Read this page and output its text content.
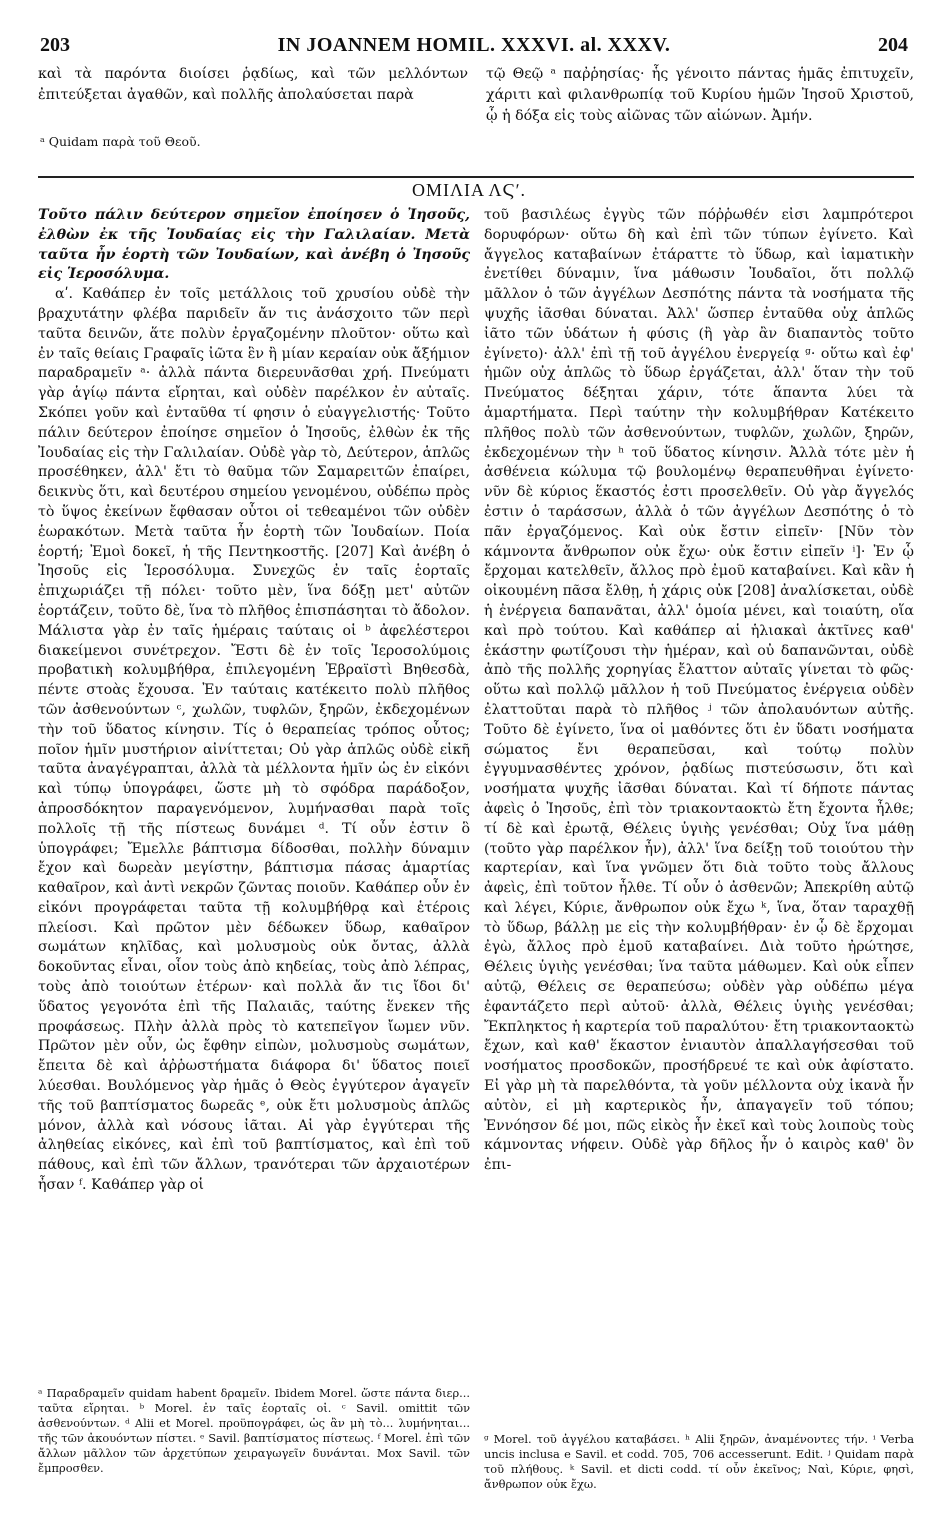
203	IN JOANNEM HOMIL. XXXVI. al. XXXV.	204
καὶ τὰ παρόντα διοίσει ῥᾳδίως, καὶ τῶν μελλόντων ἐπιτεύξεται ἀγαθῶν, καὶ πολλῆς ἀπολαύσεται παρὰ
τῷ Θεῷ ᵃ παῤῥησίας· ἧς γένοιτο πάντας ἡμᾶς ἐπιτυχεῖν, χάριτι καὶ φιλανθρωπίᾳ τοῦ Κυρίου ἡμῶν Ἰησοῦ Χριστοῦ, ᾧ ἡ δόξα εἰς τοὺς αἰῶνας τῶν αἰώνων. Ἀμήν.
ᵃ Quidam παρὰ τοῦ Θεοῦ.
ΟΜΙΛΙΑ ΛϚʹ.

Τοῦτο πάλιν δεύτερον σημεῖον ἐποίησεν ὁ Ἰησοῦς, ἐλθὼν ἐκ τῆς Ἰουδαίας εἰς τὴν Γαλιλαίαν. Μετὰ ταῦτα ἦν ἑορτὴ τῶν Ἰουδαίων, καὶ ἀνέβη ὁ Ἰησοῦς εἰς Ἱεροσόλυμα.

αʹ. Καθάπερ ἐν τοῖς μετάλλοις τοῦ χρυσίου οὐδὲ τὴν βραχυτάτην φλέβα παριδεῖν ἄν τις ἀνάσχοιτο τῶν περὶ ταῦτα δεινῶν, ἅτε πολὺν ἐργαζομένην πλοῦτον· οὕτω καὶ ἐν ταῖς θείαις Γραφαῖς ἰῶτα ἓν ἢ μίαν κεραίαν οὐκ ἄξήμιον παραδραμεῖν ᵃ· ἀλλὰ πάντα διερευνᾶσθαι χρή. Πνεύματι γὰρ ἁγίῳ πάντα εἴρηται, καὶ οὐδὲν παρέλκον ἐν αὐταῖς. Σκόπει γοῦν καὶ ἐνταῦθα τί φησιν ὁ εὐαγγελιστής· Τοῦτο πάλιν δεύτερον ἐποίησε σημεῖον ὁ Ἰησοῦς, ἐλθὼν ἐκ τῆς Ἰουδαίας εἰς τὴν Γαλιλαίαν. Οὐδὲ γὰρ τὸ, Δεύτερον, ἁπλῶς προσέθηκεν, ἀλλ' ἔτι τὸ θαῦμα τῶν Σαμαρειτῶν ἐπαίρει, δεικνὺς ὅτι, καὶ δευτέρου σημείου γενομένου, οὐδέπω πρὸς τὸ ὕψος ἐκείνων ἔφθασαν οὗτοι οἱ τεθεαμένοι τῶν οὐδὲν ἑωρακότων. Μετὰ ταῦτα ἦν ἑορτὴ τῶν Ἰουδαίων. Ποία ἑορτή; Ἐμοὶ δοκεῖ, ἡ τῆς Πεντηκοστῆς. [207] Καὶ ἀνέβη ὁ Ἰησοῦς εἰς Ἱεροσόλυμα. Συνεχῶς ἐν ταῖς ἑορταῖς ἐπιχωριάζει τῇ πόλει· τοῦτο μὲν, ἵνα δόξῃ μετ' αὐτῶν ἑορτάζειν, τοῦτο δὲ, ἵνα τὸ πλῆθος ἐπισπάσηται τὸ ἄδολον. Μάλιστα γὰρ ἐν ταῖς ἡμέραις ταύταις οἱ ᵇ ἀφελέστεροι διακείμενοι συνέτρεχον. Ἔστι δὲ ἐν τοῖς Ἱεροσολύμοις προβατικὴ κολυμβήθρα, ἐπιλεγομένη Ἑβραϊστὶ Βηθεσδὰ, πέντε στοὰς ἔχουσα. Ἐν ταύταις κατέκειτο πολὺ πλῆθος τῶν ἀσθενούντων ᶜ, χωλῶν, τυφλῶν, ξηρῶν, ἐκδεχομένων τὴν τοῦ ὕδατος κίνησιν. Τίς ὁ θεραπείας τρόπος οὗτος; ποῖον ἡμῖν μυστήριον αἰνίττεται; Οὐ γὰρ ἁπλῶς οὐδὲ εἰκῆ ταῦτα ἀναγέγραπται, ἀλλὰ τὰ μέλλοντα ἡμῖν ὡς ἐν εἰκόνι καὶ τύπῳ ὑπογράφει, ὥστε μὴ τὸ σφόδρα παράδοξον, ἀπροσδόκητον παραγενόμενον, λυμήνασθαι παρὰ τοῖς πολλοῖς τῇ τῆς πίστεως δυνάμει ᵈ. Τί οὖν ἐστιν ὃ ὑπογράφει; Ἔμελλε βάπτισμα δίδοσθαι, πολλὴν δύναμιν ἔχον καὶ δωρεὰν μεγίστην, βάπτισμα πάσας ἁμαρτίας καθαῖρον, καὶ ἀντὶ νεκρῶν ζῶντας ποιοῦν. Καθάπερ οὖν ἐν εἰκόνι προγράφεται ταῦτα τῇ κολυμβήθρᾳ καὶ ἑτέροις πλείοσι. Καὶ πρῶτον μὲν δέδωκεν ὕδωρ, καθαῖρον σωμάτων κηλῖδας, καὶ μολυσμοὺς οὐκ ὄντας, ἀλλὰ δοκοῦντας εἶναι, οἷον τοὺς ἀπὸ κηδείας, τοὺς ἀπὸ λέπρας, τοὺς ἀπὸ τοιούτων ἑτέρων· καὶ πολλὰ ἄν τις ἴδοι δι' ὕδατος γεγονότα ἐπὶ τῆς Παλαιᾶς, ταύτης ἕνεκεν τῆς προφάσεως. Πλὴν ἀλλὰ πρὸς τὸ κατεπεῖγον ἴωμεν νῦν. Πρῶτον μὲν οὖν, ὡς ἔφθην εἰπὼν, μολυσμοὺς σωμάτων, ἔπειτα δὲ καὶ ἀῤῥωστήματα διάφορα δι' ὕδατος ποιεῖ λύεσθαι. Βουλόμενος γὰρ ἡμᾶς ὁ Θεὸς ἐγγύτερον ἀγαγεῖν τῆς τοῦ βαπτίσματος δωρεᾶς ᵉ, οὐκ ἔτι μολυσμοὺς ἁπλῶς μόνον, ἀλλὰ καὶ νόσους ἰᾶται. Αἱ γὰρ ἐγγύτεραι τῆς ἀληθείας εἰκόνες, καὶ ἐπὶ τοῦ βαπτίσματος, καὶ ἐπὶ τοῦ πάθους, καὶ ἐπὶ τῶν ἄλλων, τρανότεραι τῶν ἀρχαιοτέρων ἦσαν ᶠ. Καθάπερ γὰρ οἱ

τοῦ βασιλέως ἐγγὺς τῶν πόῤῥωθέν εἰσι λαμπρότεροι δορυφόρων· οὕτω δὴ καὶ ἐπὶ τῶν τύπων ἐγίνετο. Καὶ ἄγγελος καταβαίνων ἐτάραττε τὸ ὕδωρ, καὶ ἰαματικὴν ἐνετίθει δύναμιν, ἵνα μάθωσιν Ἰουδαῖοι, ὅτι πολλῷ μᾶλλον ὁ τῶν ἀγγέλων Δεσπότης πάντα τὰ νοσήματα τῆς ψυχῆς ἰᾶσθαι δύναται. Ἀλλ' ὥσπερ ἐνταῦθα οὐχ ἁπλῶς ἰᾶτο τῶν ὑδάτων ἡ φύσις (ἢ γὰρ ἂν διαπαντὸς τοῦτο ἐγίνετο)· ἀλλ' ἐπὶ τῇ τοῦ ἀγγέλου ἐνεργείᾳ ᵍ· οὕτω καὶ ἐφ' ἡμῶν οὐχ ἁπλῶς τὸ ὕδωρ ἐργάζεται, ἀλλ' ὅταν τὴν τοῦ Πνεύματος δέξηται χάριν, τότε ἅπαντα λύει τὰ ἁμαρτήματα. Περὶ ταύτην τὴν κολυμβήθραν Κατέκειτο πλῆθος πολὺ τῶν ἀσθενούντων, τυφλῶν, χωλῶν, ξηρῶν, ἐκδεχομένων τὴν ʰ τοῦ ὕδατος κίνησιν. Ἀλλὰ τότε μὲν ἡ ἀσθένεια κώλυμα τῷ βουλομένῳ θεραπευθῆναι ἐγίνετο· νῦν δὲ κύριος ἕκαστός ἐστι προσελθεῖν. Οὐ γὰρ ἄγγελός ἐστιν ὁ ταράσσων, ἀλλὰ ὁ τῶν ἀγγέλων Δεσπότης ὁ τὸ πᾶν ἐργαζόμενος. Καὶ οὐκ ἔστιν εἰπεῖν· [Νῦν τὸν κάμνοντα ἄνθρωπον οὐκ ἔχω· οὐκ ἔστιν εἰπεῖν ⁱ]· Ἐν ᾧ ἔρχομαι κατελθεῖν, ἄλλος πρὸ ἐμοῦ καταβαίνει. Καὶ κἂν ἡ οἰκουμένη πᾶσα ἔλθῃ, ἡ χάρις οὐκ [208] ἀναλίσκεται, οὐδὲ ἡ ἐνέργεια δαπανᾶται, ἀλλ' ὁμοία μένει, καὶ τοιαύτη, οἵα καὶ πρὸ τούτου. Καὶ καθάπερ αἱ ἡλιακαὶ ἀκτῖνες καθ' ἑκάστην φωτίζουσι τὴν ἡμέραν, καὶ οὐ δαπανῶνται, οὐδὲ ἀπὸ τῆς πολλῆς χορηγίας ἔλαττον αὐταῖς γίνεται τὸ φῶς· οὕτω καὶ πολλῷ μᾶλλον ἡ τοῦ Πνεύματος ἐνέργεια οὐδὲν ἐλαττοῦται παρὰ τὸ πλῆθος ʲ τῶν ἀπολαυόντων αὐτῆς. Τοῦτο δὲ ἐγίνετο, ἵνα οἱ μαθόντες ὅτι ἐν ὕδατι νοσήματα σώματος ἔνι θεραπεῦσαι, καὶ τούτῳ πολὺν ἐγγυμνασθέντες χρόνον, ῥᾳδίως πιστεύσωσιν, ὅτι καὶ νοσήματα ψυχῆς ἰᾶσθαι δύναται. Καὶ τί δήποτε πάντας ἀφεὶς ὁ Ἰησοῦς, ἐπὶ τὸν τριακονταοκτὼ ἔτη ἔχοντα ἦλθε; τί δὲ καὶ ἐρωτᾷ, Θέλεις ὑγιὴς γενέσθαι; Οὐχ ἵνα μάθῃ (τοῦτο γὰρ παρέλκον ἦν), ἀλλ' ἵνα δείξῃ τοῦ τοιούτου τὴν καρτερίαν, καὶ ἵνα γνῶμεν ὅτι διὰ τοῦτο τοὺς ἄλλους ἀφεὶς, ἐπὶ τοῦτον ἦλθε. Τί οὖν ὁ ἀσθενῶν; Ἀπεκρίθη αὐτῷ καὶ λέγει, Κύριε, ἄνθρωπον οὐκ ἔχω ᵏ, ἵνα, ὅταν ταραχθῇ τὸ ὕδωρ, βάλλῃ με εἰς τὴν κολυμβήθραν· ἐν ᾧ δὲ ἔρχομαι ἐγὼ, ἄλλος πρὸ ἐμοῦ καταβαίνει. Διὰ τοῦτο ἠρώτησε, Θέλεις ὑγιὴς γενέσθαι; ἵνα ταῦτα μάθωμεν. Καὶ οὐκ εἶπεν αὐτῷ, Θέλεις σε θεραπεύσω; οὐδὲν γὰρ οὐδέπω μέγα ἐφαντάζετο περὶ αὐτοῦ· ἀλλὰ, Θέλεις ὑγιὴς γενέσθαι; Ἔκπληκτος ἡ καρτερία τοῦ παραλύτου· ἔτη τριακονταοκτὼ ἔχων, καὶ καθ' ἕκαστον ἐνιαυτὸν ἀπαλλαγήσεσθαι τοῦ νοσήματος προσδοκῶν, προσήδρευέ τε καὶ οὐκ ἀφίστατο. Εἰ γὰρ μὴ τὰ παρελθόντα, τὰ γοῦν μέλλοντα οὐχ ἱκανὰ ἦν αὐτὸν, εἰ μὴ καρτερικὸς ἦν, ἀπαγαγεῖν τοῦ τόπου; Ἐννόησον δέ μοι, πῶς εἰκὸς ἦν ἐκεῖ καὶ τοὺς λοιποὺς τοὺς κάμνοντας νήφειν. Οὐδὲ γὰρ δῆλος ἦν ὁ καιρὸς καθ' ὃν ἐπι-

ᵃ Παραδραμεῖν quidam habent δραμεῖν. Ibidem Morel. ὥστε πάντα διερ... ταῦτα εἴρηται. ᵇ Morel. ἐν ταῖς ἑορταῖς οἱ. ᶜ Savil. omittit τῶν ἀσθενούντων. ᵈ Alii et Morel. προϋπογράφει, ὡς ἂν μὴ τὸ... λυμήνηται... τῆς τῶν ἀκουόντων πίστει. ᵉ Savil. βαπτίσματος πίστεως. ᶠ Morel. ἐπὶ τῶν ἄλλων μᾶλλον τῶν ἀρχετύπων χειραγωγεῖν δυνάνται. Mox Savil. τῶν ἔμπροσθεν.

ᵍ Morel. τοῦ ἀγγέλου καταβάσει. ʰ Alii ξηρῶν, ἀναμένοντες τήν. ⁱ Verba uncis inclusa e Savil. et codd. 705, 706 accesserunt. Edit. ʲ Quidam παρὰ τοῦ πλήθους. ᵏ Savil. et dicti codd. τί οὖν ἐκεῖνος; Ναὶ, Κύριε, φησὶ, ἄνθρωπον οὐκ ἔχω.
